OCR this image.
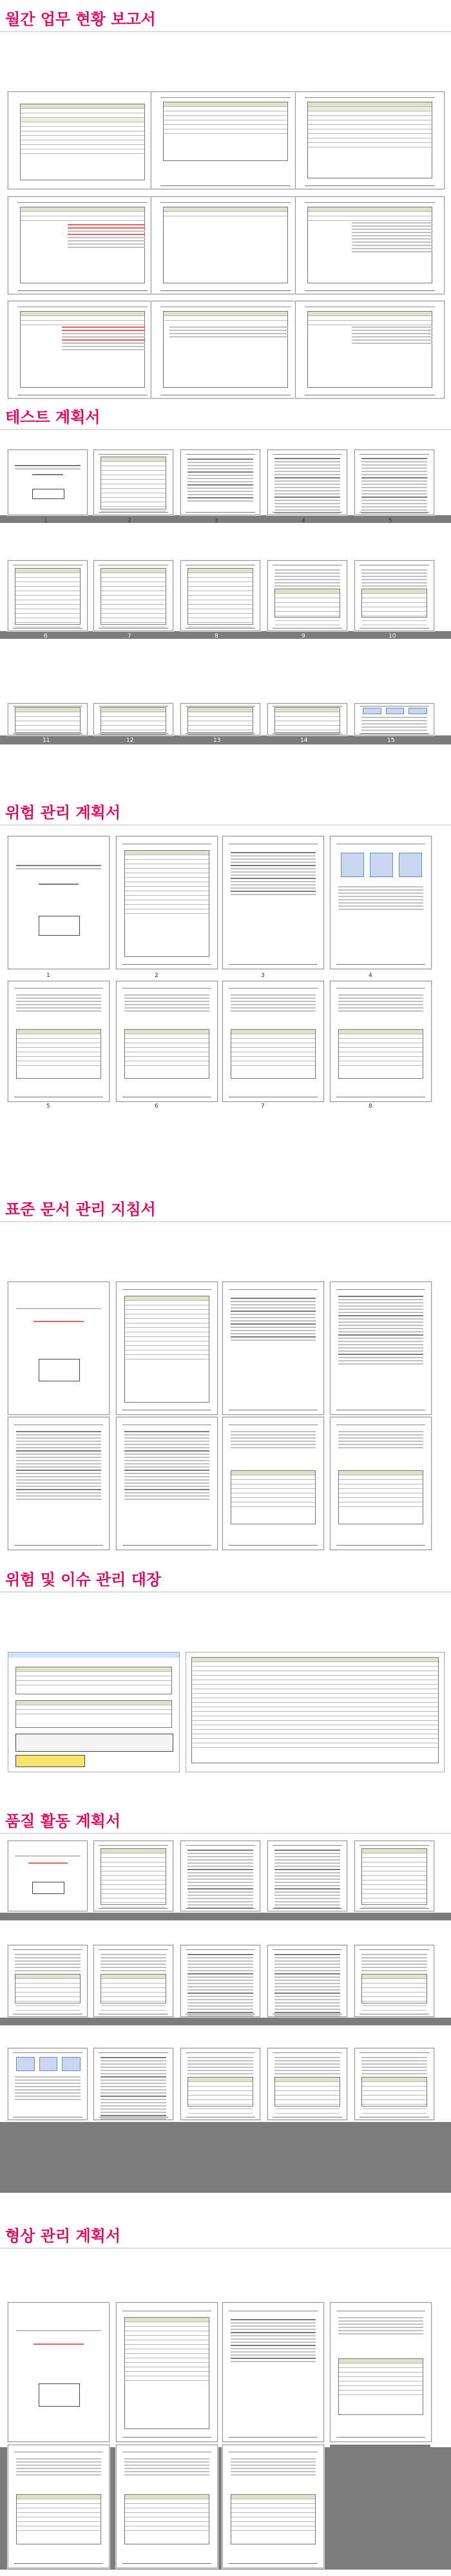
월간 업무 현황 보고서
테스트 계획서
1	2	3	4	5
6	7	8	9	10
11	12	13	14	15
위험 관리 계획서
1	2	3	4
5	6	7	8
표준 문서 관리 지침서
위험 및 이슈 관리 대장
품질 활동 계획서
형상 관리 계획서
